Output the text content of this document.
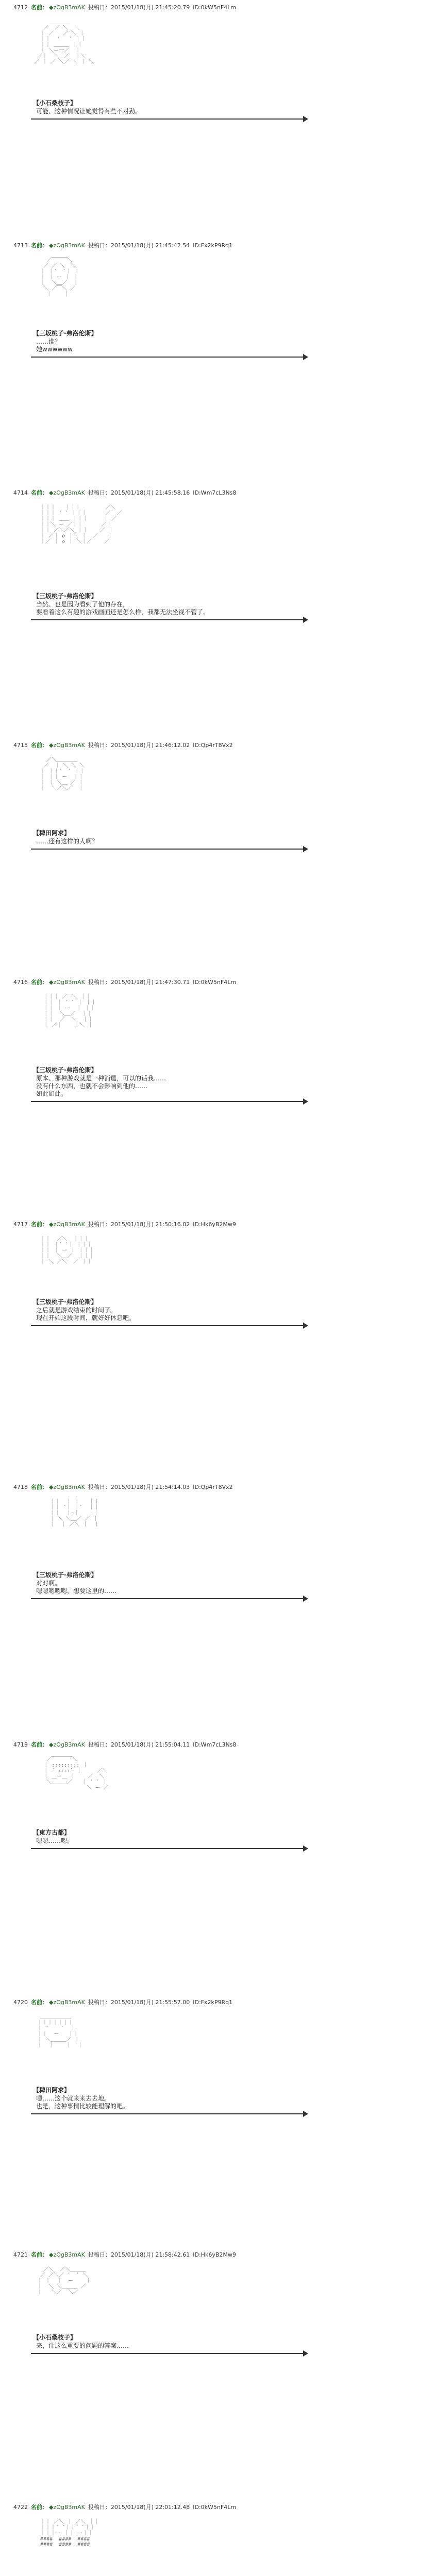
4712 名前： ◆zOgB3mAK 投稿日：2015/01/18(月) 21:45:20.79 ID:0kW5nF4Lm
＿＿＿＿
／  ／ ＼  ＼
｜ ／   ／ ＼ ｜
｜｜  ´   ` ｜｜
｜｜ ＿＿＿ ｜｜
｜ ＼ー一／  ｜
／｜  ＼＿／  ｜＼
／ ｜ ／ ＼／ ＼ ｜ ＼
【小石桑枝子】
可能、这种情况让她觉得有些不对劲。
4713 名前： ◆zOgB3mAK 投稿日：2015/01/18(月) 21:45:42.54 ID:Fx2kP9Rq1
／￣￣￣＼
／ ／ ＼  ＼
｜ ｜´  `｜ ｜
｜ ｜ ー ｜ ｜
｜  ＼＿／  ｜
＼ ／￣＼ ／
｜    ｜
【三坂桃子·弗洛伦斯】
……谁？
她wwwwww
4714 名前： ◆zOgB3mAK 投稿日：2015/01/18(月) 21:45:58.16 ID:Wm7cL3Ns8
｜｜｜   ｜｜｜        ／＼
｜｜｜ ´ ` ｜｜｜      ／  ／
｜｜｜ ＿＿ ｜｜｜     ｜ ／
｜｜＼ ー ／｜｜      ／｜
｜｜ ／＼／＼ ｜｜    ／ ｜
｜ ／｜ ◇ ｜＼ ｜  ／   ｜
｜／ ｜ ◇ ｜ ＼｜／    ／
【三坂桃子·弗洛伦斯】
当然、也是因为看到了他的存在，
要看着这么有趣的游戏画面还是怎么样，我都无法坐视不管了。
4715 名前： ◆zOgB3mAK 投稿日：2015/01/18(月) 21:46:12.02 ID:Qp4rT8Vx2
／＼＿＿＿＿
／  ｜ ＼ ＼ ＼
｜ ｜｜´  ` ｜｜
｜ ｜｜ ー  ｜｜
｜ ｜ ＼＿ ／ ｜
｜  ＼／＼／  ｜
【稗田阿求】
……还有这样的人啊？
4716 名前： ◆zOgB3mAK 投稿日：2015/01/18(月) 21:47:30.71 ID:0kW5nF4Lm
｜｜｜ ／￣＼ ｜｜
｜｜ ｜ ´ ` ｜ ｜｜
｜｜ ｜ ー  ｜ ｜｜
｜｜  ＼＿／  ｜｜
｜｜  ／  ＼  ｜｜
｜ ／｜    ｜＼ ｜
【三坂桃子·弗洛伦斯】
原本、那种游戏就是一种消遣，可以的话我……
没有什么东西，也就不会影响到他的……
如此如此。
4717 名前： ◆zOgB3mAK 投稿日：2015/01/18(月) 21:50:16.02 ID:Hk6yB2Mw9
｜｜  ／＼  ｜｜｜
｜｜ ｜´ `｜ ｜｜｜
｜｜ ｜ ー ｜ ｜｜｜
｜｜  ＼＿／  ｜｜｜
｜ ＼ ／＼  ／ ｜｜
【三坂桃子·弗洛伦斯】
之后就是游戏结束的时间了。
现在开始这段时间，就好好休息吧。
4718 名前： ◆zOgB3mAK 投稿日：2015/01/18(月) 21:54:14.03 ID:Qp4rT8Vx2
｜｜  ｜ ｜   ｜｜
｜｜ ´｜ ｜`  ｜｜
｜｜  ｜ｰ｜   ｜｜
｜ ＼ ＼＿／ ／ ｜
｜  ｜ ／＼ ｜  ｜
【三坂桃子·弗洛伦斯】
对对啊。
嗯嗯嗯嗯嗯，想要这里的……
4719 名前： ◆zOgB3mAK 投稿日：2015/01/18(月) 21:55:04.11 ID:Wm7cL3Ns8
／￣￣￣￣＼
｜ ::::::::: ｜
｜ ´ ::::` ｜     ／＼
｜ ＿ー＿ ｜    ／  ＼
＼＿＿＿／   ｜ ´ ` ｜
＼ ー ／
【東方古都】
嗯嗯……嗯。
4720 名前： ◆zOgB3mAK 投稿日：2015/01/18(月) 21:55:57.00 ID:Fx2kP9Rq1
＿＿＿＿＿＿
｜｜｜｜｜｜｜
｜ ´    `  ｜
｜｜  ー   ｜｜
｜ ＼＿＿＿／ ｜
｜  ｜    ｜  ｜
【稗田阿求】
嗯……这个就来来去去地。
也是，这种事情比较能理解的吧。
4721 名前： ◆zOgB3mAK 投稿日：2015/01/18(月) 21:58:42.61 ID:Hk6yB2Mw9
／＼  ／＼＿＿＿
／ ／＼／ ´  ` ＼
｜ ｜  ｜  ー    ｜
｜  ＼ ＼＿＿＿ ／
｜   ＼／  ＼／
【小石桑枝子】
来，让这么重要的问题的答案……
4722 名前： ◆zOgB3mAK 投稿日：2015/01/18(月) 22:01:12.48 ID:0kW5nF4Lm
｜｜ ／＼ ｜ ／＼ ｜｜
｜｜｜´ `｜｜´ `｜｜
｜｜｜ー ｜｜ ー｜｜
####  ####  ####
####  ####  ####
